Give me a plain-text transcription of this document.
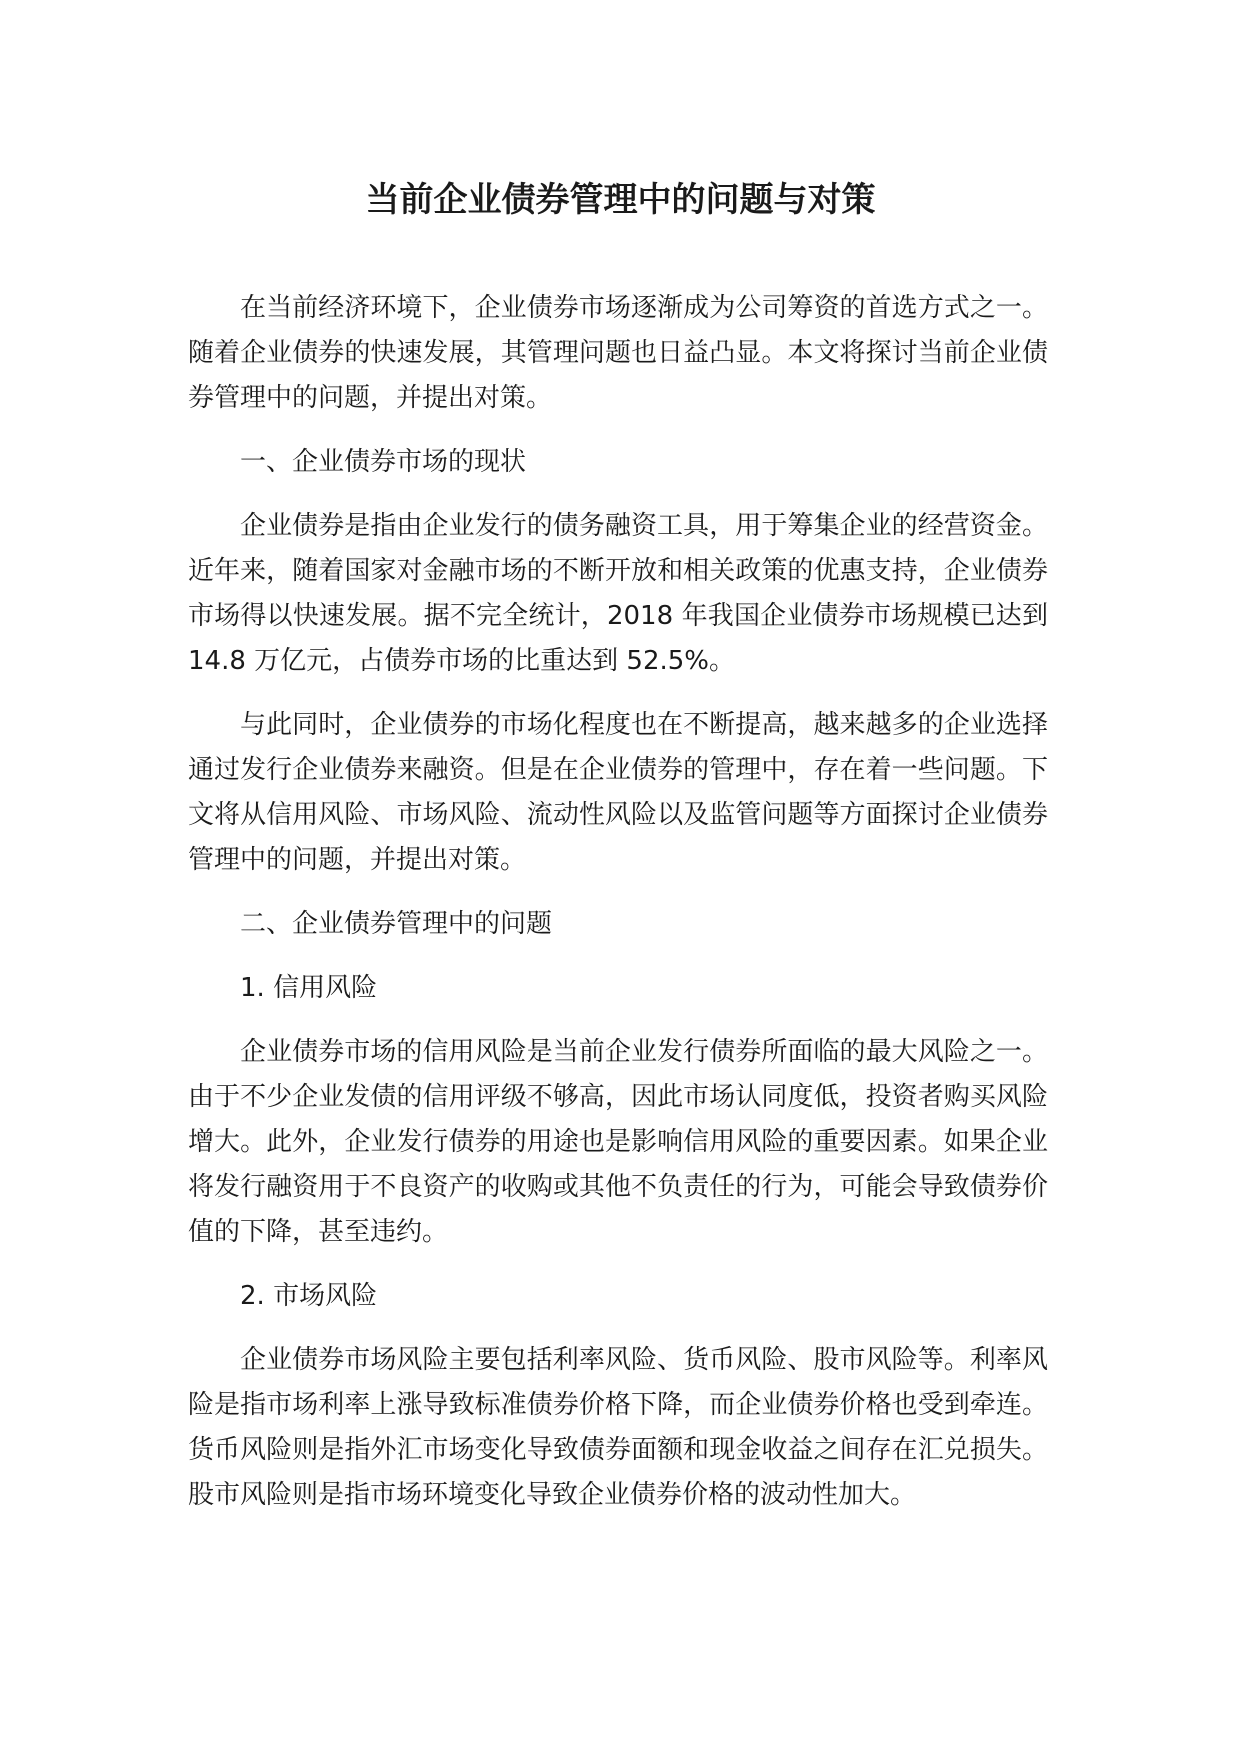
当前企业债券管理中的问题与对策

在当前经济环境下，企业债券市场逐渐成为公司筹资的首选方式之一。随着企业债券的快速发展，其管理问题也日益凸显。本文将探讨当前企业债券管理中的问题，并提出对策。

一、企业债券市场的现状

企业债券是指由企业发行的债务融资工具，用于筹集企业的经营资金。近年来，随着国家对金融市场的不断开放和相关政策的优惠支持，企业债券市场得以快速发展。据不完全统计，2018 年我国企业债券市场规模已达到 14.8 万亿元，占债券市场的比重达到 52.5%。

与此同时，企业债券的市场化程度也在不断提高，越来越多的企业选择通过发行企业债券来融资。但是在企业债券的管理中，存在着一些问题。下文将从信用风险、市场风险、流动性风险以及监管问题等方面探讨企业债券管理中的问题，并提出对策。

二、企业债券管理中的问题

1. 信用风险

企业债券市场的信用风险是当前企业发行债券所面临的最大风险之一。由于不少企业发债的信用评级不够高，因此市场认同度低，投资者购买风险增大。此外，企业发行债券的用途也是影响信用风险的重要因素。如果企业将发行融资用于不良资产的收购或其他不负责任的行为，可能会导致债券价值的下降，甚至违约。

2. 市场风险

企业债券市场风险主要包括利率风险、货币风险、股市风险等。利率风险是指市场利率上涨导致标准债券价格下降，而企业债券价格也受到牵连。货币风险则是指外汇市场变化导致债券面额和现金收益之间存在汇兑损失。股市风险则是指市场环境变化导致企业债券价格的波动性加大。
